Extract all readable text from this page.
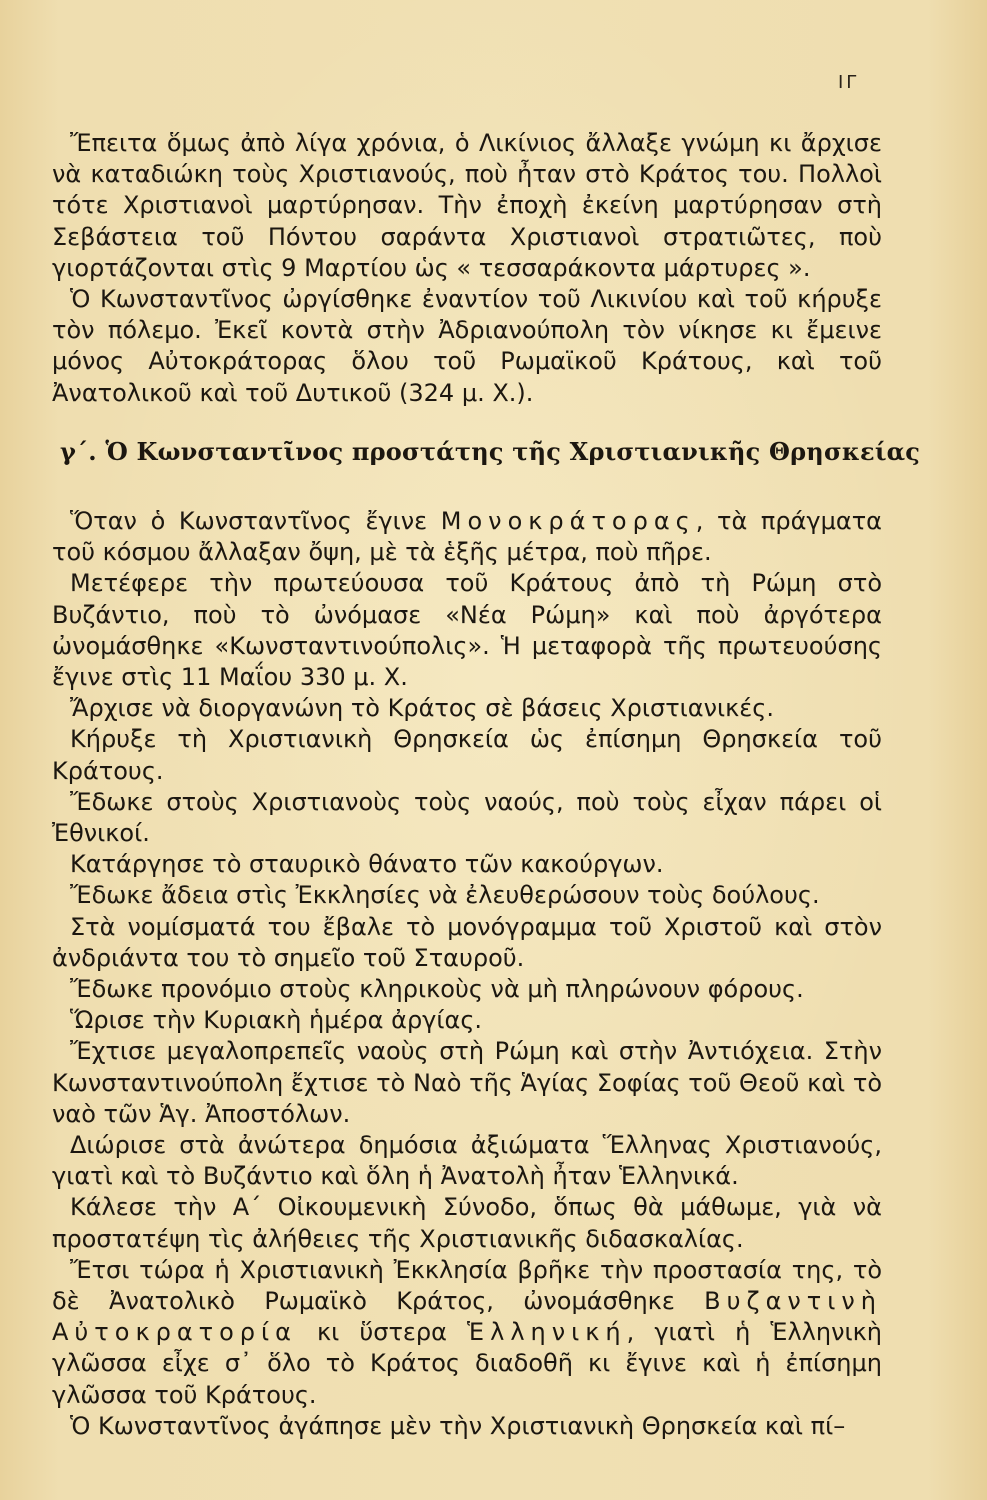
ΙΓ

Ἔπειτα ὅμως ἀπὸ λίγα χρόνια, ὁ Λικίνιος ἄλλαξε γνώμη κι ἄρχισε νὰ καταδιώκη τοὺς Χριστιανούς, ποὺ ἦταν στὸ Κράτος του. Πολλοὶ τότε Χριστιανοὶ μαρτύρησαν. Τὴν ἐποχὴ ἐκείνη μαρτύρησαν στὴ Σεβάστεια τοῦ Πόντου σαράντα Χριστιανοὶ στρατιῶτες, ποὺ γιορτάζονται στὶς 9 Μαρτίου ὡς « τεσσαράκοντα μάρτυρες ».

Ὁ Κωνσταντῖνος ὠργίσθηκε ἐναντίον τοῦ Λικινίου καὶ τοῦ κήρυξε τὸν πόλεμο. Ἐκεῖ κοντὰ στὴν Ἀδριανούπολη τὸν νίκησε κι ἔμεινε μόνος Αὐτοκράτορας ὅλου τοῦ Ρωμαϊκοῦ Κράτους, καὶ τοῦ Ἀνατολικοῦ καὶ τοῦ Δυτικοῦ (324 μ. Χ.).

γ΄. Ὁ Κωνσταντῖνος προστάτης τῆς Χριστιανικῆς Θρησκείας

Ὅταν ὁ Κωνσταντῖνος ἔγινε Μονοκράτορας, τὰ πράγματα τοῦ κόσμου ἄλλαξαν ὄψη, μὲ τὰ ἑξῆς μέτρα, ποὺ πῆρε.

Μετέφερε τὴν πρωτεύουσα τοῦ Κράτους ἀπὸ τὴ Ρώμη στὸ Βυζάντιο, ποὺ τὸ ὠνόμασε «Νέα Ρώμη» καὶ ποὺ ἀργότερα ὠνομάσθηκε «Κωνσταντινούπολις». Ἡ μεταφορὰ τῆς πρωτευούσης ἔγινε στὶς 11 Μαΐου 330 μ. Χ.

Ἄρχισε νὰ διοργανώνη τὸ Κράτος σὲ βάσεις Χριστιανικές.

Κήρυξε τὴ Χριστιανικὴ Θρησκεία ὡς ἐπίσημη Θρησκεία τοῦ Κράτους.

Ἔδωκε στοὺς Χριστιανοὺς τοὺς ναούς, ποὺ τοὺς εἶχαν πάρει οἱ Ἐθνικοί.

Κατάργησε τὸ σταυρικὸ θάνατο τῶν κακούργων.

Ἔδωκε ἄδεια στὶς Ἐκκλησίες νὰ ἐλευθερώσουν τοὺς δούλους.

Στὰ νομίσματά του ἔβαλε τὸ μονόγραμμα τοῦ Χριστοῦ καὶ στὸν ἀνδριάντα του τὸ σημεῖο τοῦ Σταυροῦ.

Ἔδωκε προνόμιο στοὺς κληρικοὺς νὰ μὴ πληρώνουν φόρους.

Ὥρισε τὴν Κυριακὴ ἡμέρα ἀργίας.

Ἔχτισε μεγαλοπρεπεῖς ναοὺς στὴ Ρώμη καὶ στὴν Ἀντιόχεια. Στὴν Κωνσταντινούπολη ἔχτισε τὸ Ναὸ τῆς Ἁγίας Σοφίας τοῦ Θεοῦ καὶ τὸ ναὸ τῶν Ἁγ. Ἀποστόλων.

Διώρισε στὰ ἀνώτερα δημόσια ἀξιώματα Ἕλληνας Χριστιανούς, γιατὶ καὶ τὸ Βυζάντιο καὶ ὅλη ἡ Ἀνατολὴ ἦταν Ἑλληνικά.

Κάλεσε τὴν Α΄ Οἰκουμενικὴ Σύνοδο, ὅπως θὰ μάθωμε, γιὰ νὰ προστατέψη τὶς ἀλήθειες τῆς Χριστιανικῆς διδασκαλίας.

Ἔτσι τώρα ἡ Χριστιανικὴ Ἐκκλησία βρῆκε τὴν προστασία της, τὸ δὲ Ἀνατολικὸ Ρωμαϊκὸ Κράτος, ὠνομάσθηκε Βυζαντινὴ Αὐτοκρατορία κι ὕστερα Ἑλληνική, γιατὶ ἡ Ἑλληνικὴ γλῶσσα εἶχε σ᾽ ὅλο τὸ Κράτος διαδοθῆ κι ἔγινε καὶ ἡ ἐπίσημη γλῶσσα τοῦ Κράτους.

Ὁ Κωνσταντῖνος ἀγάπησε μὲν τὴν Χριστιανικὴ Θρησκεία καὶ πί–
